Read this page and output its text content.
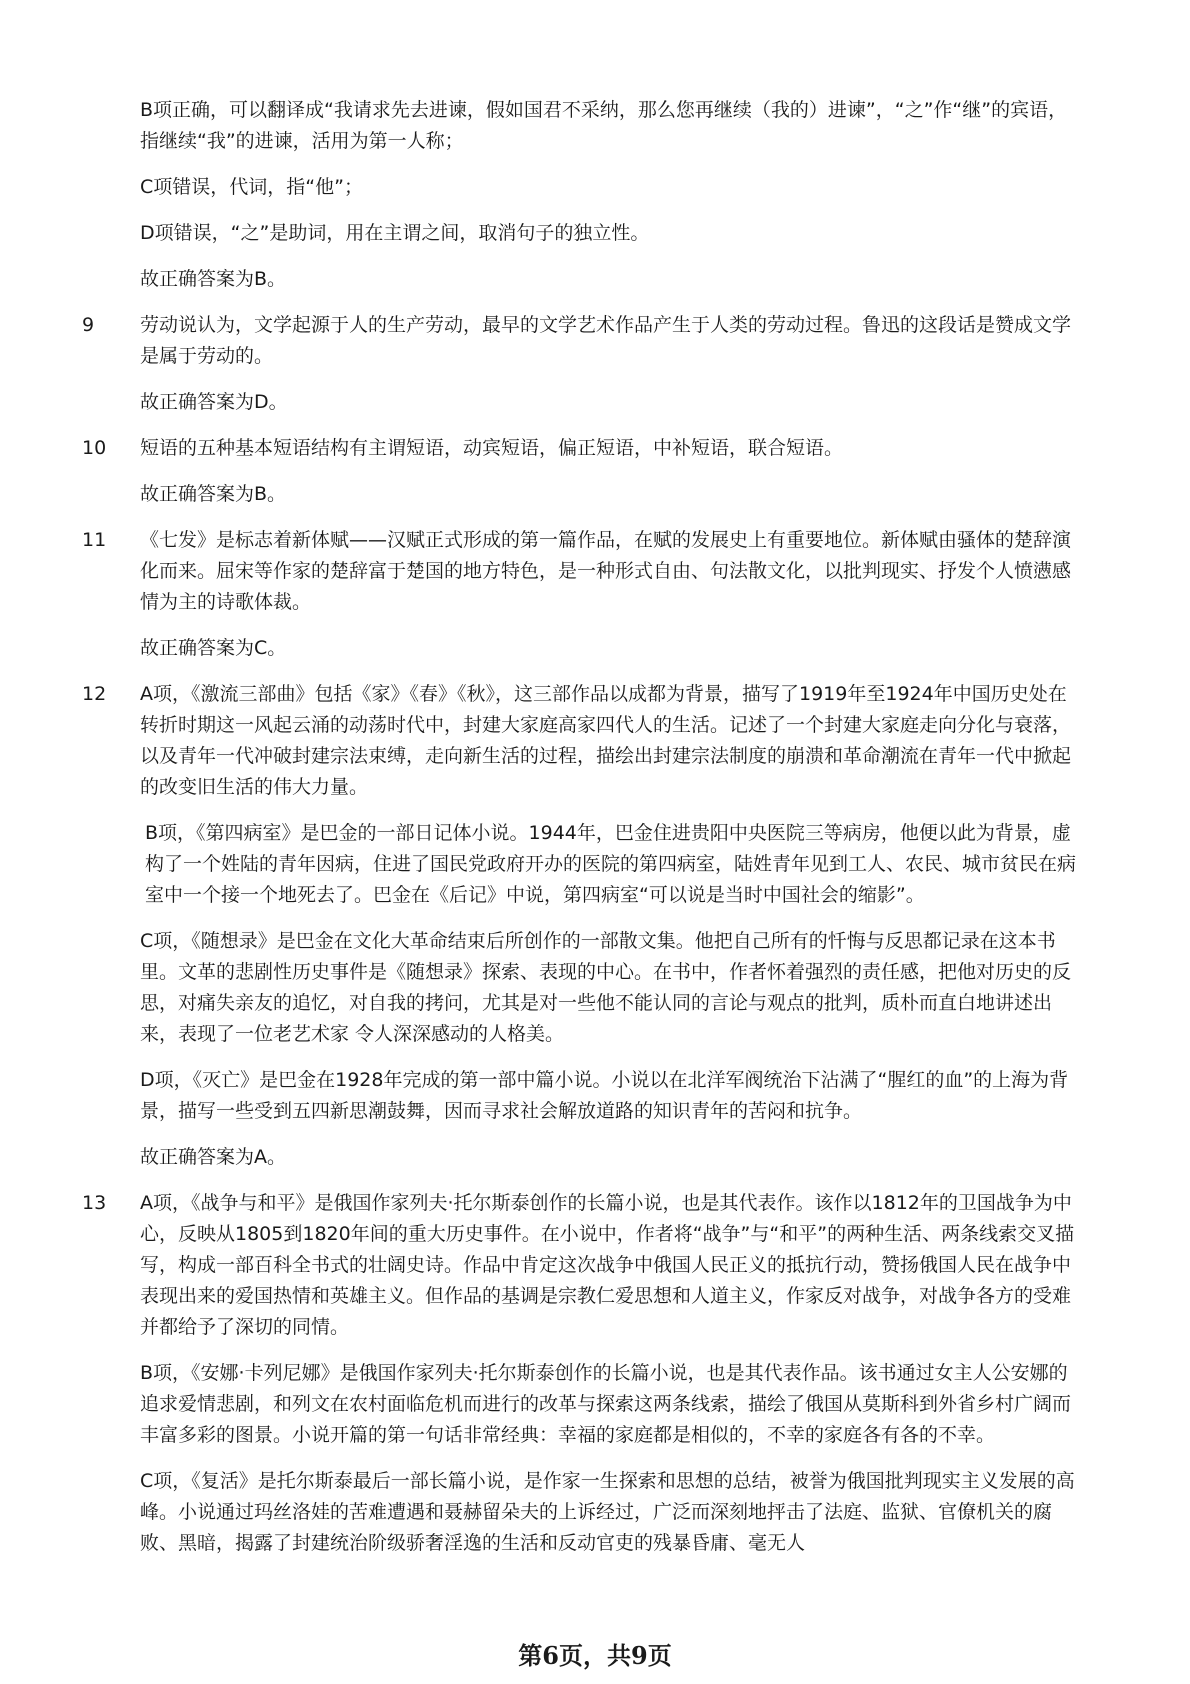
B项正确，可以翻译成“我请求先去进谏，假如国君不采纳，那么您再继续（我的）进谏”，“之”作“继”的宾语，指继续“我”的进谏，活用为第一人称；

C项错误，代词，指“他”；

D项错误，“之”是助词，用在主谓之间，取消句子的独立性。

故正确答案为B。

9	劳动说认为，文学起源于人的生产劳动，最早的文学艺术作品产生于人类的劳动过程。鲁迅的这段话是赞成文学是属于劳动的。

故正确答案为D。

10	短语的五种基本短语结构有主谓短语，动宾短语，偏正短语，中补短语，联合短语。

故正确答案为B。

11	《七发》是标志着新体赋——汉赋正式形成的第一篇作品，在赋的发展史上有重要地位。新体赋由骚体的楚辞演化而来。屈宋等作家的楚辞富于楚国的地方特色，是一种形式自由、句法散文化，以批判现实、抒发个人愤懑感情为主的诗歌体裁。

故正确答案为C。

12	A项，《激流三部曲》包括《家》《春》《秋》，这三部作品以成都为背景，描写了1919年至1924年中国历史处在转折时期这一风起云涌的动荡时代中，封建大家庭高家四代人的生活。记述了一个封建大家庭走向分化与衰落，以及青年一代冲破封建宗法束缚，走向新生活的过程，描绘出封建宗法制度的崩溃和革命潮流在青年一代中掀起的改变旧生活的伟大力量。

B项，《第四病室》是巴金的一部日记体小说。1944年，巴金住进贵阳中央医院三等病房，他便以此为背景，虚构了一个姓陆的青年因病，住进了国民党政府开办的医院的第四病室，陆姓青年见到工人、农民、城市贫民在病室中一个接一个地死去了。巴金在《后记》中说，第四病室“可以说是当时中国社会的缩影”。

C项，《随想录》是巴金在文化大革命结束后所创作的一部散文集。他把自己所有的忏悔与反思都记录在这本书里。文革的悲剧性历史事件是《随想录》探索、表现的中心。在书中，作者怀着强烈的责任感，把他对历史的反思，对痛失亲友的追忆，对自我的拷问，尤其是对一些他不能认同的言论与观点的批判，质朴而直白地讲述出来，表现了一位老艺术家 令人深深感动的人格美。

D项，《灭亡》是巴金在1928年完成的第一部中篇小说。小说以在北洋军阀统治下沾满了“腥红的血”的上海为背景，描写一些受到五四新思潮鼓舞，因而寻求社会解放道路的知识青年的苦闷和抗争。

故正确答案为A。

13	A项，《战争与和平》是俄国作家列夫·托尔斯泰创作的长篇小说，也是其代表作。该作以1812年的卫国战争为中心，反映从1805到1820年间的重大历史事件。在小说中，作者将“战争”与“和平”的两种生活、两条线索交叉描写，构成一部百科全书式的壮阔史诗。作品中肯定这次战争中俄国人民正义的抵抗行动，赞扬俄国人民在战争中表现出来的爱国热情和英雄主义。但作品的基调是宗教仁爱思想和人道主义，作家反对战争，对战争各方的受难并都给予了深切的同情。

B项，《安娜·卡列尼娜》是俄国作家列夫·托尔斯泰创作的长篇小说，也是其代表作品。该书通过女主人公安娜的追求爱情悲剧，和列文在农村面临危机而进行的改革与探索这两条线索，描绘了俄国从莫斯科到外省乡村广阔而丰富多彩的图景。小说开篇的第一句话非常经典：幸福的家庭都是相似的，不幸的家庭各有各的不幸。

C项，《复活》是托尔斯泰最后一部长篇小说，是作家一生探索和思想的总结，被誉为俄国批判现实主义发展的高峰。小说通过玛丝洛娃的苦难遭遇和聂赫留朵夫的上诉经过，广泛而深刻地抨击了法庭、监狱、官僚机关的腐败、黑暗，揭露了封建统治阶级骄奢淫逸的生活和反动官吏的残暴昏庸、毫无人

第6页，共9页
